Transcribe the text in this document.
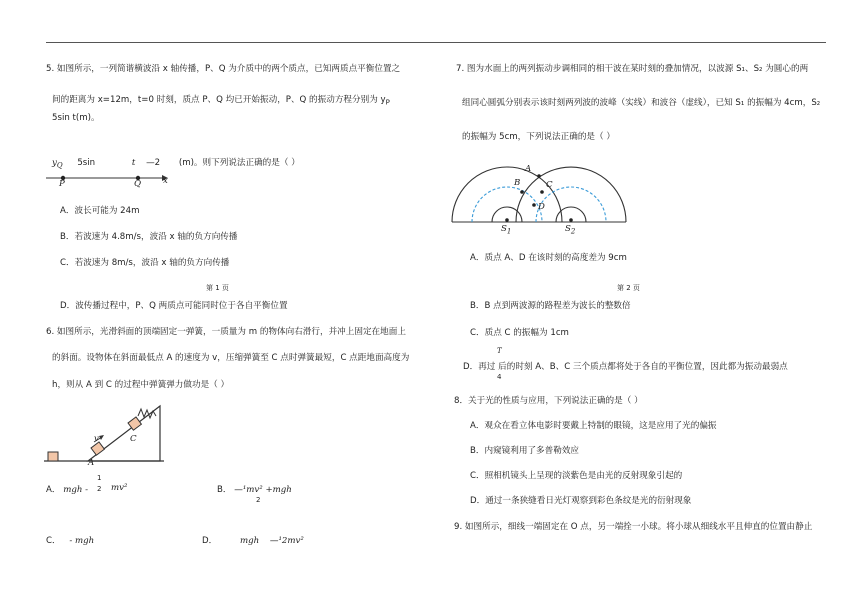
5. 如图所示，一列简谐横波沿 x 轴传播，P、Q 为介质中的两个质点，已知两质点平衡位置之
间的距离为 x=12m，t=0 时刻，质点 P、Q 均已开始振动，P、Q 的振动方程分别为 $y_P$
5sin t(m)。
$y_Q$ 5sin	t —2 (m)。则下列说法正确的是（ ）
P	Q	x
A．波长可能为 24m
B．若波速为 4.8m/s，波沿 x 轴的负方向传播
C．若波速为 8m/s，波沿 x 轴的负方向传播
第 1 页
D．波传播过程中，P、Q 两质点可能同时位于各自平衡位置
6. 如图所示，光滑斜面的顶端固定一弹簧，一质量为 m 的物体向右滑行，并冲上固定在地面上
的斜面。设物体在斜面最低点 A 的速度为 v，压缩弹簧至 C 点时弹簧最短，C 点距地面高度为
h，则从 A 到 C 的过程中弹簧弹力做功是（ ）
v
A
C
A． mgh -
1
2 mv²	B． —¹mv² +mgh
2
C． - mgh	D．	mgh —¹2mv²
7. 图为水面上的两列振动步调相同的相干波在某时刻的叠加情况，以波源 S₁、S₂ 为圆心的两
组同心圆弧分别表示该时刻两列波的波峰（实线）和波谷（虚线），已知 S₁ 的振幅为 4cm，S₂
的振幅为 5cm，下列说法正确的是（ ）
A
B	C
D
$S_1$	$S_2$
A．质点 A、D 在该时刻的高度差为 9cm
第 2 页
B．B 点到两波源的路程差为波长的整数倍
C．质点 C 的振幅为 1cm
T
D．再过 后的时刻 A、B、C 三个质点都将处于各自的平衡位置，因此都为振动最弱点
4
8．关于光的性质与应用，下列说法正确的是（ ）
A．观众在看立体电影时要戴上特制的眼镜，这是应用了光的偏振
B．内窥镜利用了多普勒效应
C．照相机镜头上呈现的淡紫色是由光的反射现象引起的
D．通过一条狭缝看日光灯观察到彩色条纹是光的衍射现象
9. 如图所示，细线一端固定在 O 点，另一端拴一小球。将小球从细线水平且伸直的位置由静止
